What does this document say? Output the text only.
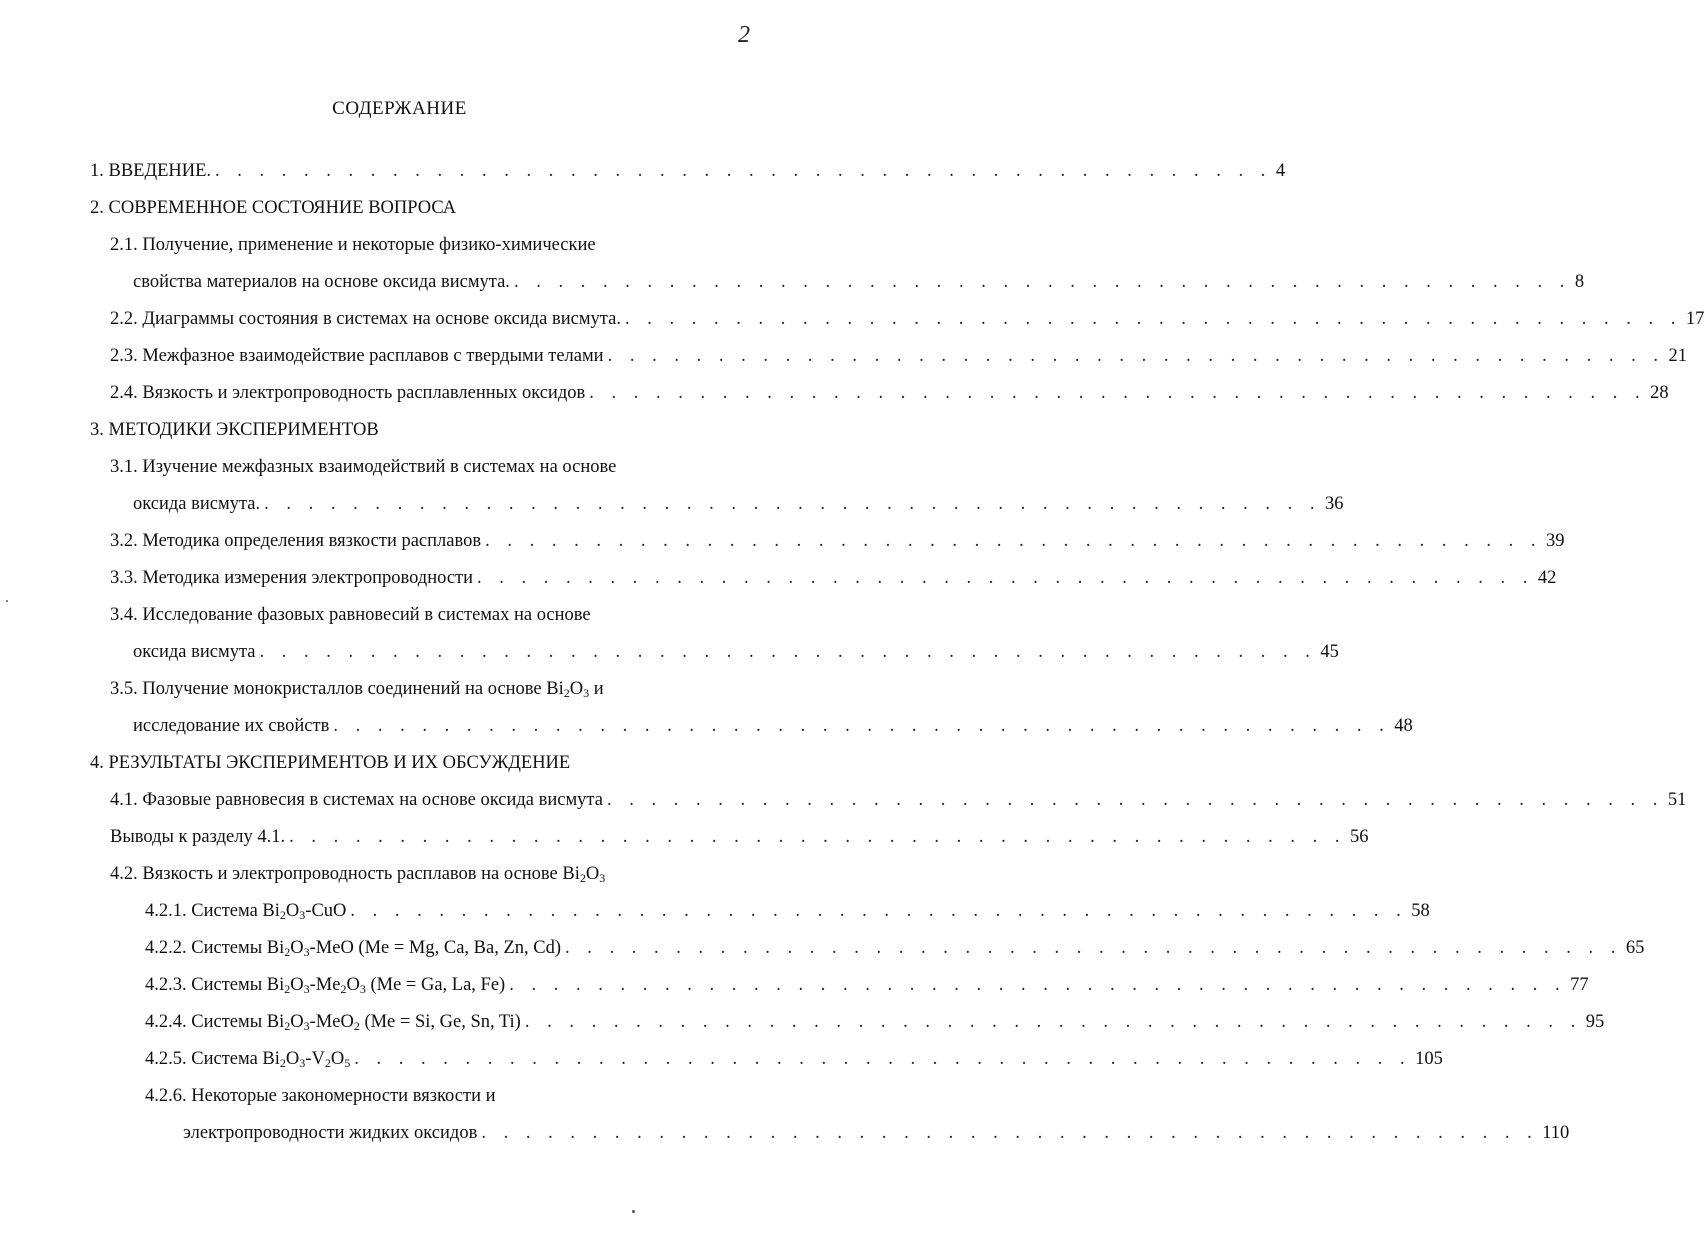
2
СОДЕРЖАНИЕ
1. ВВЕДЕНИЕ. . . . . . . . . . . . . . . . . . . . . . . . . . . . . . . . . . . . . . . . . . . . . . . . . 4
2. СОВРЕМЕННОЕ СОСТОЯНИЕ ВОПРОСА
2.1. Получение, применение и некоторые физико-химические
свойства материалов на основе оксида висмута. . . . . . . . . . . . . . . . . . . . . . . . . . . . . . . . . . . . . . . . . . . . . . . . . 8
2.2. Диаграммы состояния в системах на основе оксида висмута. . . . . . . . . . . . . . . . . . . . . . . . . . . . . . . . . . . . . . . . . . . . . . . . . 17
2.3. Межфазное взаимодействие расплавов с твердыми телами . . . . . . . . . . . . . . . . . . . . . . . . . . . . . . . . . . . . . . . . . . . . . . . . 21
2.4. Вязкость и электропроводность расплавленных оксидов . . . . . . . . . . . . . . . . . . . . . . . . . . . . . . . . . . . . . . . . . . . . . . . . 28
3. МЕТОДИКИ ЭКСПЕРИМЕНТОВ
3.1. Изучение межфазных взаимодействий в системах на основе
оксида висмута. . . . . . . . . . . . . . . . . . . . . . . . . . . . . . . . . . . . . . . . . . . . . . . . . 36
3.2. Методика определения вязкости расплавов . . . . . . . . . . . . . . . . . . . . . . . . . . . . . . . . . . . . . . . . . . . . . . . . 39
3.3. Методика измерения электропроводности . . . . . . . . . . . . . . . . . . . . . . . . . . . . . . . . . . . . . . . . . . . . . . . . 42
3.4. Исследование фазовых равновесий в системах на основе
оксида висмута . . . . . . . . . . . . . . . . . . . . . . . . . . . . . . . . . . . . . . . . . . . . . . . . 45
3.5. Получение монокристаллов соединений на основе $Bi_2O_3$ и
исследование их свойств . . . . . . . . . . . . . . . . . . . . . . . . . . . . . . . . . . . . . . . . . . . . . . . . 48
4. РЕЗУЛЬТАТЫ ЭКСПЕРИМЕНТОВ И ИХ ОБСУЖДЕНИЕ
4.1. Фазовые равновесия в системах на основе оксида висмута . . . . . . . . . . . . . . . . . . . . . . . . . . . . . . . . . . . . . . . . . . . . . . . . 51
Выводы к разделу 4.1. . . . . . . . . . . . . . . . . . . . . . . . . . . . . . . . . . . . . . . . . . . . . . . . . 56
4.2. Вязкость и электропроводность расплавов на основе $Bi_2O_3$
4.2.1. Система $Bi_2O_3$-CuO . . . . . . . . . . . . . . . . . . . . . . . . . . . . . . . . . . . . . . . . . . . . . . . . 58
4.2.2. Системы $Bi_2O_3$-MeO (Me = Mg, Ca, Ba, Zn, Cd) . . . . . . . . . . . . . . . . . . . . . . . . . . . . . . . . . . . . . . . . . . . . . . . . 65
4.2.3. Системы $Bi_2O_3-Me_2O_3$ (Me = Ga, La, Fe) . . . . . . . . . . . . . . . . . . . . . . . . . . . . . . . . . . . . . . . . . . . . . . . . 77
4.2.4. Системы $Bi_2O_3-MeO_2$ (Me = Si, Ge, Sn, Ti) . . . . . . . . . . . . . . . . . . . . . . . . . . . . . . . . . . . . . . . . . . . . . . . . 95
4.2.5. Система $Bi_2O_3-V_2O_5$ . . . . . . . . . . . . . . . . . . . . . . . . . . . . . . . . . . . . . . . . . . . . . . . . 105
4.2.6. Некоторые закономерности вязкости и
электропроводности жидких оксидов . . . . . . . . . . . . . . . . . . . . . . . . . . . . . . . . . . . . . . . . . . . . . . . . 110
